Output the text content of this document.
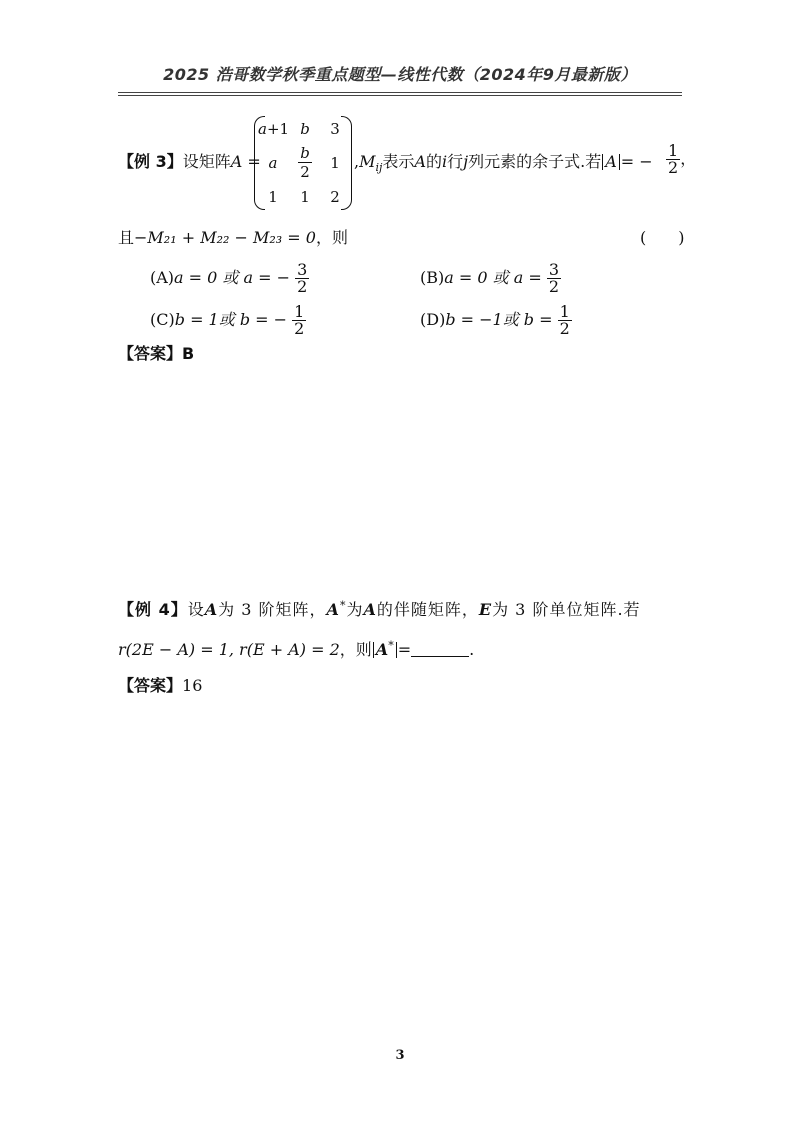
2025 浩哥数学秋季重点题型—线性代数（2024年9月最新版）
【例 3】设矩阵A =
a+1 b	3
a	$\frac{b}{2}$	1
1	1	2
$,M_{ij}$表示A的i行j列元素的余子式.若 A = − $\frac{1}{2}$ ，
且−M₂₁ + M₂₂ − M₂₃ = 0，则	(　　)
(A)a = 0 或 a = − $\frac{3}{2}$	(B)a = 0 或 $a = \frac{3}{2}$
(C)b = 1或 b = − $\frac{1}{2}$	(D)b = −1或 $b = \frac{1}{2}$
【答案】B
【例 4】设A为 3 阶矩阵，A*为A的伴随矩阵，E为 3 阶单位矩阵.若
r(2E − A) = 1, r(E + A) = 2，则 A* =	.
【答案】16
3
